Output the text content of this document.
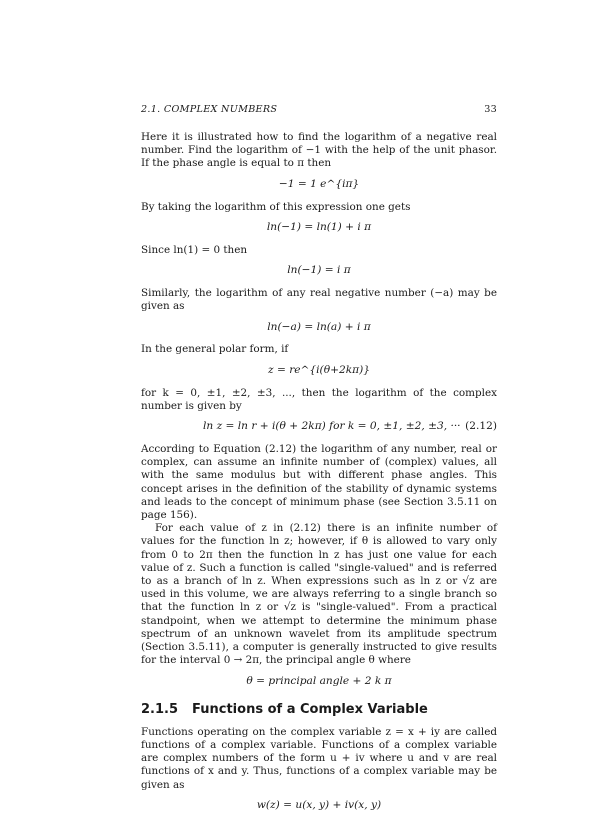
2.1. COMPLEX NUMBERS	33

Here it is illustrated how to find the logarithm of a negative real number. Find the logarithm of −1 with the help of the unit phasor. If the phase angle is equal to π then

−1 = 1 e^{iπ}

By taking the logarithm of this expression one gets

ln(−1) = ln(1) + i π

Since ln(1) = 0 then

ln(−1) = i π

Similarly, the logarithm of any real negative number (−a) may be given as

ln(−a) = ln(a) + i π

In the general polar form, if

z = re^{i(θ+2kπ)}

for k = 0, ±1, ±2, ±3, ..., then the logarithm of the complex number is given by

ln z = ln r + i(θ + 2kπ) for k = 0, ±1, ±2, ±3, ··· (2.12)

According to Equation (2.12) the logarithm of any number, real or complex, can assume an infinite number of (complex) values, all with the same modulus but with different phase angles. This concept arises in the definition of the stability of dynamic systems and leads to the concept of minimum phase (see Section 3.5.11 on page 156).

For each value of z in (2.12) there is an infinite number of values for the function ln z; however, if θ is allowed to vary only from 0 to 2π then the function ln z has just one value for each value of z. Such a function is called "single-valued" and is referred to as a branch of ln z. When expressions such as ln z or √z are used in this volume, we are always referring to a single branch so that the function ln z or √z is "single-valued". From a practical standpoint, when we attempt to determine the minimum phase spectrum of an unknown wavelet from its amplitude spectrum (Section 3.5.11), a computer is generally instructed to give results for the interval 0 → 2π, the principal angle θ where

θ = principal angle + 2 k π
2.1.5 Functions of a Complex Variable

Functions operating on the complex variable z = x + iy are called functions of a complex variable. Functions of a complex variable are complex numbers of the form u + iv where u and v are real functions of x and y. Thus, functions of a complex variable may be given as

w(z) = u(x, y) + iv(x, y)
